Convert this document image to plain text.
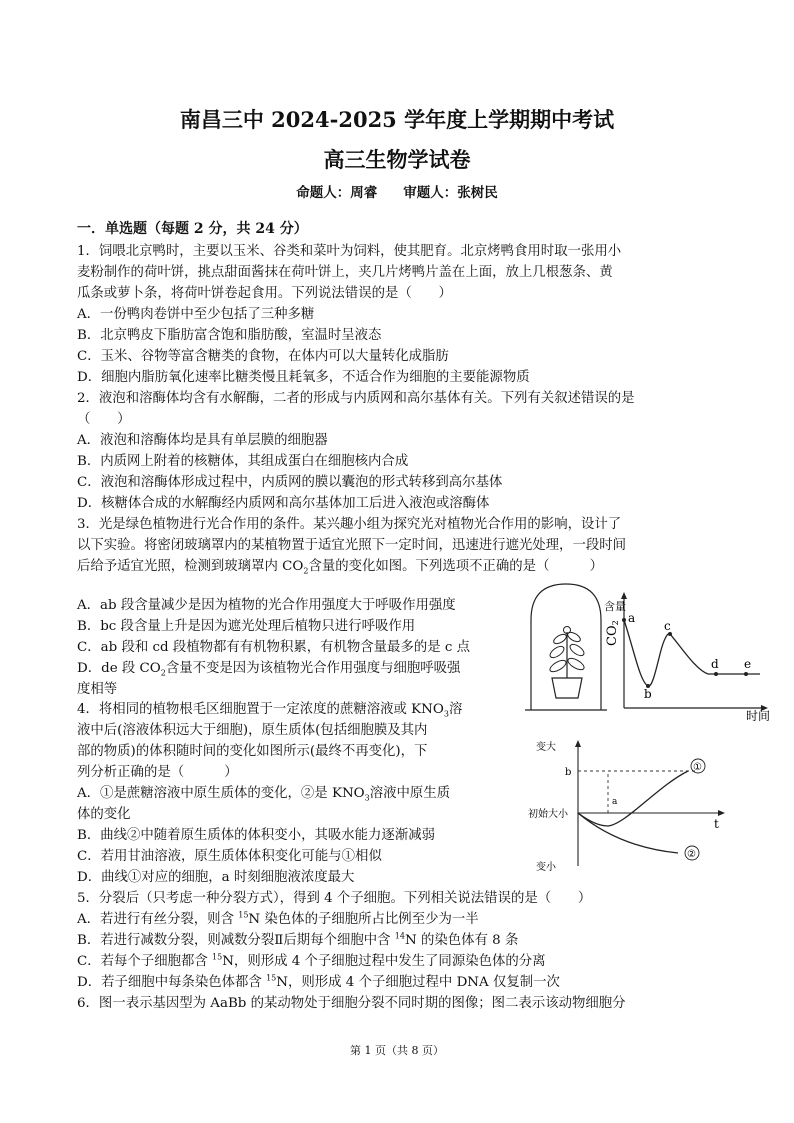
南昌三中 2024-2025 学年度上学期期中考试
高三生物学试卷
命题人：周睿 审题人：张树民
一．单选题（每题 2 分，共 24 分）
1．饲喂北京鸭时，主要以玉米、谷类和菜叶为饲料，使其肥育。北京烤鸭食用时取一张用小
麦粉制作的荷叶饼，挑点甜面酱抹在荷叶饼上，夹几片烤鸭片盖在上面，放上几根葱条、黄
瓜条或萝卜条，将荷叶饼卷起食用。下列说法错误的是（　　）
A．一份鸭肉卷饼中至少包括了三种多糖
B．北京鸭皮下脂肪富含饱和脂肪酸，室温时呈液态
C．玉米、谷物等富含糖类的食物，在体内可以大量转化成脂肪
D．细胞内脂肪氧化速率比糖类慢且耗氧多，不适合作为细胞的主要能源物质
2．液泡和溶酶体均含有水解酶，二者的形成与内质网和高尔基体有关。下列有关叙述错误的是
（　　）
A．液泡和溶酶体均是具有单层膜的细胞器
B．内质网上附着的核糖体，其组成蛋白在细胞核内合成
C．液泡和溶酶体形成过程中，内质网的膜以囊泡的形式转移到高尔基体
D．核糖体合成的水解酶经内质网和高尔基体加工后进入液泡或溶酶体
3．光是绿色植物进行光合作用的条件。某兴趣小组为探究光对植物光合作用的影响，设计了
以下实验。将密闭玻璃罩内的某植物置于适宜光照下一定时间，迅速进行遮光处理，一段时间
后给予适宜光照，检测到玻璃罩内 $CO_2$含量的变化如图。下列选项不正确的是（　　　）
A．ab 段含量减少是因为植物的光合作用强度大于呼吸作用强度
B．bc 段含量上升是因为遮光处理后植物只进行呼吸作用
C．ab 段和 cd 段植物都有有机物积累，有机物含量最多的是 c 点
D．de 段 $CO_2$含量不变是因为该植物光合作用强度与细胞呼吸强
度相等
含量
CO2
时间
a
b
c
d e
4．将相同的植物根毛区细胞置于一定浓度的蔗糖溶液或 $KNO_3$溶
液中后(溶液体积远大于细胞)，原生质体(包括细胞膜及其内
部的物质)的体积随时间的变化如图所示(最终不再变化)，下
列分析正确的是（　　　）
A．①是蔗糖溶液中原生质体的变化，②是 $KNO_3$溶液中原生质
体的变化
B．曲线②中随着原生质体的体积变小，其吸水能力逐渐减弱
C．若用甘油溶液，原生质体体积变化可能与①相似
D．曲线①对应的细胞，a 时刻细胞液浓度最大
变大
b
初始大小
a
t
变小
①
②
5．分裂后（只考虑一种分裂方式），得到 4 个子细胞。下列相关说法错误的是（　　）
A．若进行有丝分裂，则含 $^{15}$N 染色体的子细胞所占比例至少为一半
B．若进行减数分裂，则减数分裂Ⅱ后期每个细胞中含 $^{14}$N 的染色体有 8 条
C．若每个子细胞都含 $^{15}$N，则形成 4 个子细胞过程中发生了同源染色体的分离
D．若子细胞中每条染色体都含 $^{15}$N，则形成 4 个子细胞过程中 DNA 仅复制一次
6．图一表示基因型为 AaBb 的某动物处于细胞分裂不同时期的图像；图二表示该动物细胞分
第 1 页（共 8 页）
